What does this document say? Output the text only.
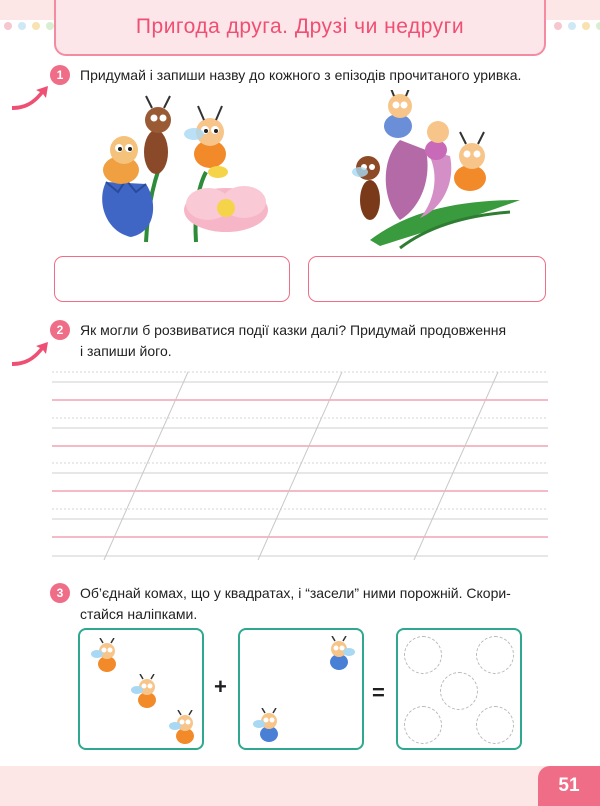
Пригода друга. Друзі чи недруги
1	Придумай і запиши назву до кожного з епізодів прочитаного уривка.
2	Як могли б розвиватися події казки далі? Придумай продовження
і запиши його.
3	Об’єднай комах, що у квадратах, і “засели” ними порожній. Скори-
стайся наліпками.
+	=
51
